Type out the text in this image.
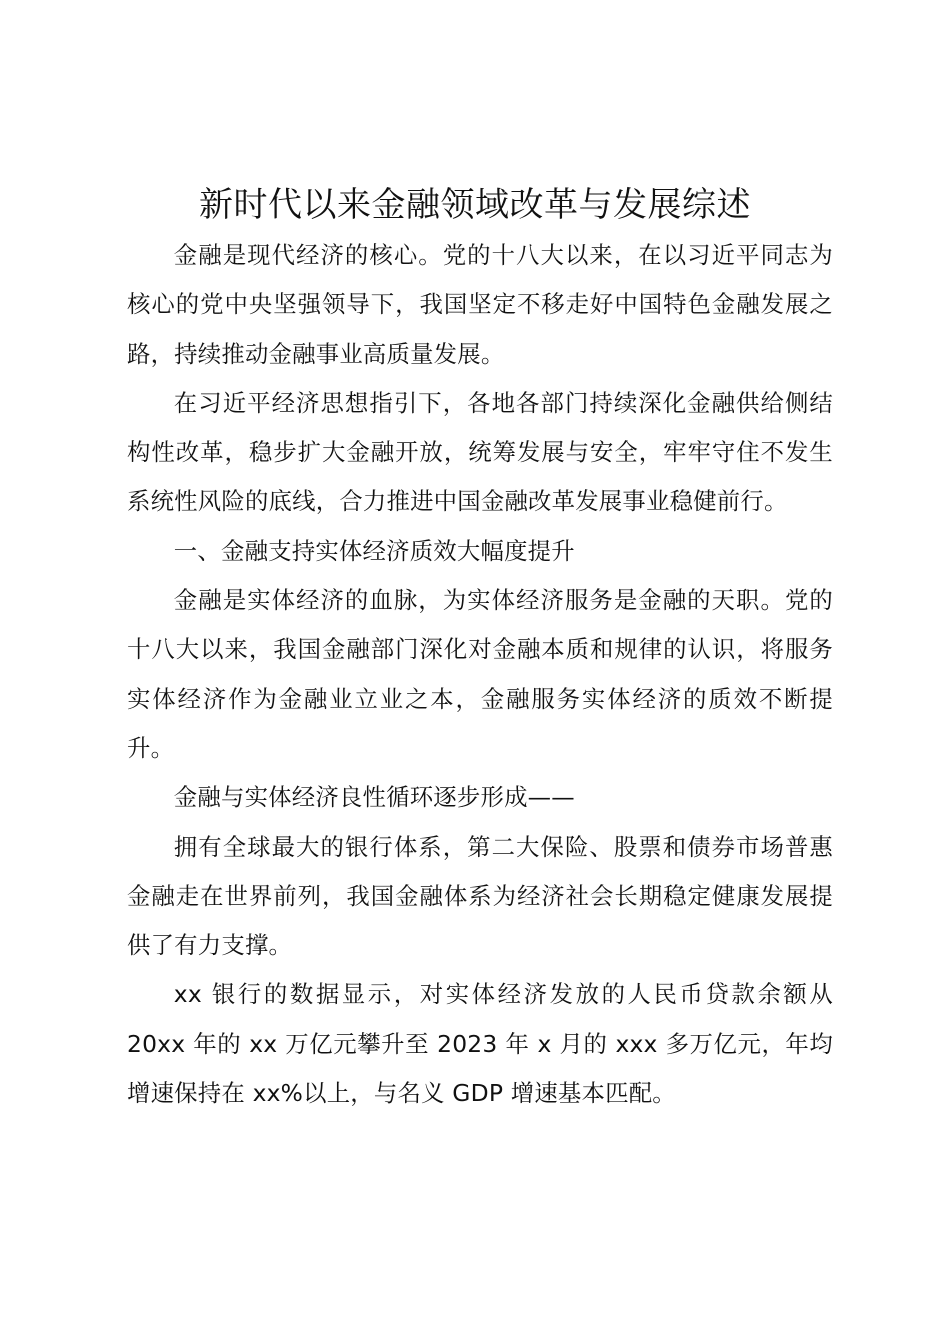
新时代以来金融领域改革与发展综述

金融是现代经济的核心。党的十八大以来，在以习近平同志为核心的党中央坚强领导下，我国坚定不移走好中国特色金融发展之路，持续推动金融事业高质量发展。

在习近平经济思想指引下，各地各部门持续深化金融供给侧结构性改革，稳步扩大金融开放，统筹发展与安全，牢牢守住不发生系统性风险的底线，合力推进中国金融改革发展事业稳健前行。

一、金融支持实体经济质效大幅度提升

金融是实体经济的血脉，为实体经济服务是金融的天职。党的十八大以来，我国金融部门深化对金融本质和规律的认识，将服务实体经济作为金融业立业之本，金融服务实体经济的质效不断提升。

金融与实体经济良性循环逐步形成——

拥有全球最大的银行体系，第二大保险、股票和债券市场普惠金融走在世界前列，我国金融体系为经济社会长期稳定健康发展提供了有力支撑。

xx 银行的数据显示，对实体经济发放的人民币贷款余额从 20xx 年的 xx 万亿元攀升至 2023 年 x 月的 xxx 多万亿元，年均增速保持在 xx%以上，与名义 GDP 增速基本匹配。
